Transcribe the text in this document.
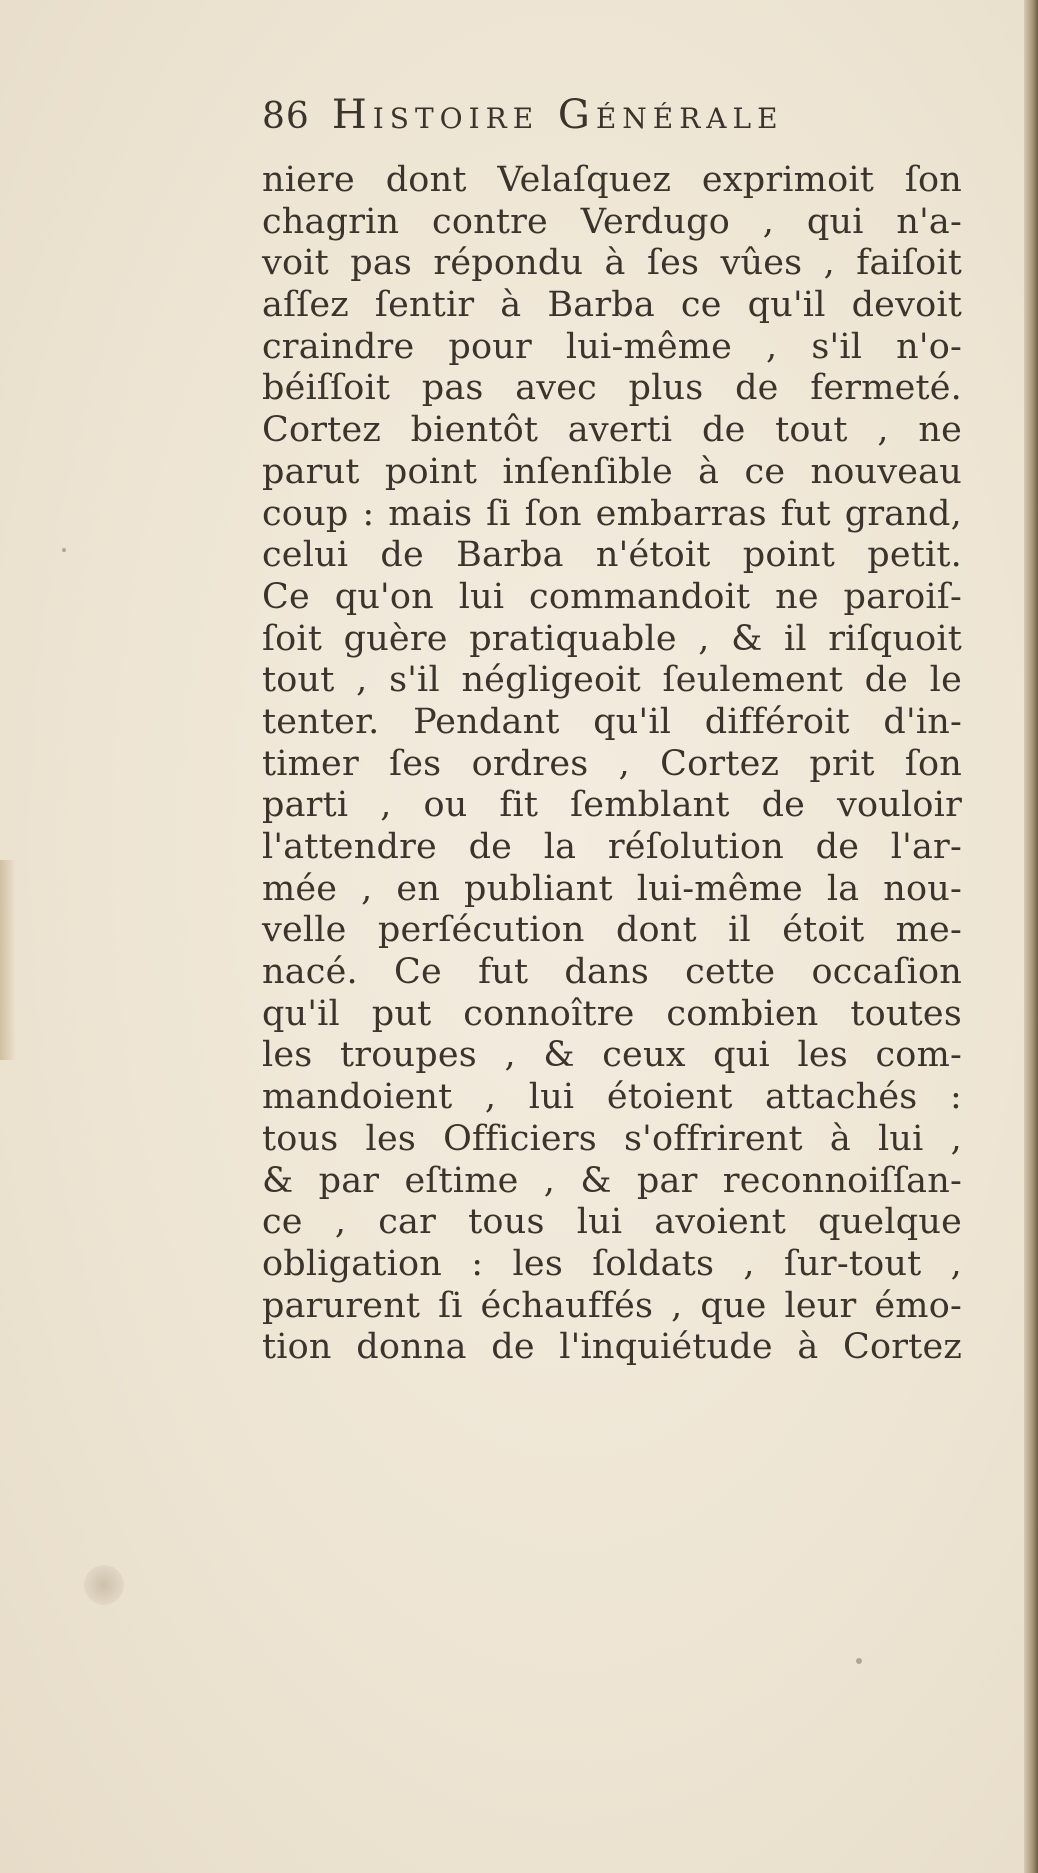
86 Histoire Générale
niere dont Velaſquez exprimoit ſon
chagrin contre Verdugo , qui n'a-
voit pas répondu à ſes vûes , faiſoit
aſſez ſentir à Barba ce qu'il devoit
craindre pour lui-même , s'il n'o-
béiſſoit pas avec plus de fermeté.
Cortez bientôt averti de tout , ne
parut point inſenſible à ce nouveau
coup : mais ſi ſon embarras fut grand,
celui de Barba n'étoit point petit.
Ce qu'on lui commandoit ne paroiſ-
ſoit guère pratiquable , & il riſquoit
tout , s'il négligeoit ſeulement de le
tenter. Pendant qu'il différoit d'in-
timer ſes ordres , Cortez prit ſon
parti , ou fit ſemblant de vouloir
l'attendre de la réſolution de l'ar-
mée , en publiant lui-même la nou-
velle perſécution dont il étoit me-
nacé. Ce fut dans cette occaſion
qu'il put connoître combien toutes
les troupes , & ceux qui les com-
mandoient , lui étoient attachés :
tous les Officiers s'offrirent à lui ,
& par eſtime , & par reconnoiſſan-
ce , car tous lui avoient quelque
obligation : les ſoldats , ſur-tout ,
parurent ſi échauffés , que leur émo-
tion donna de l'inquiétude à Cortez
